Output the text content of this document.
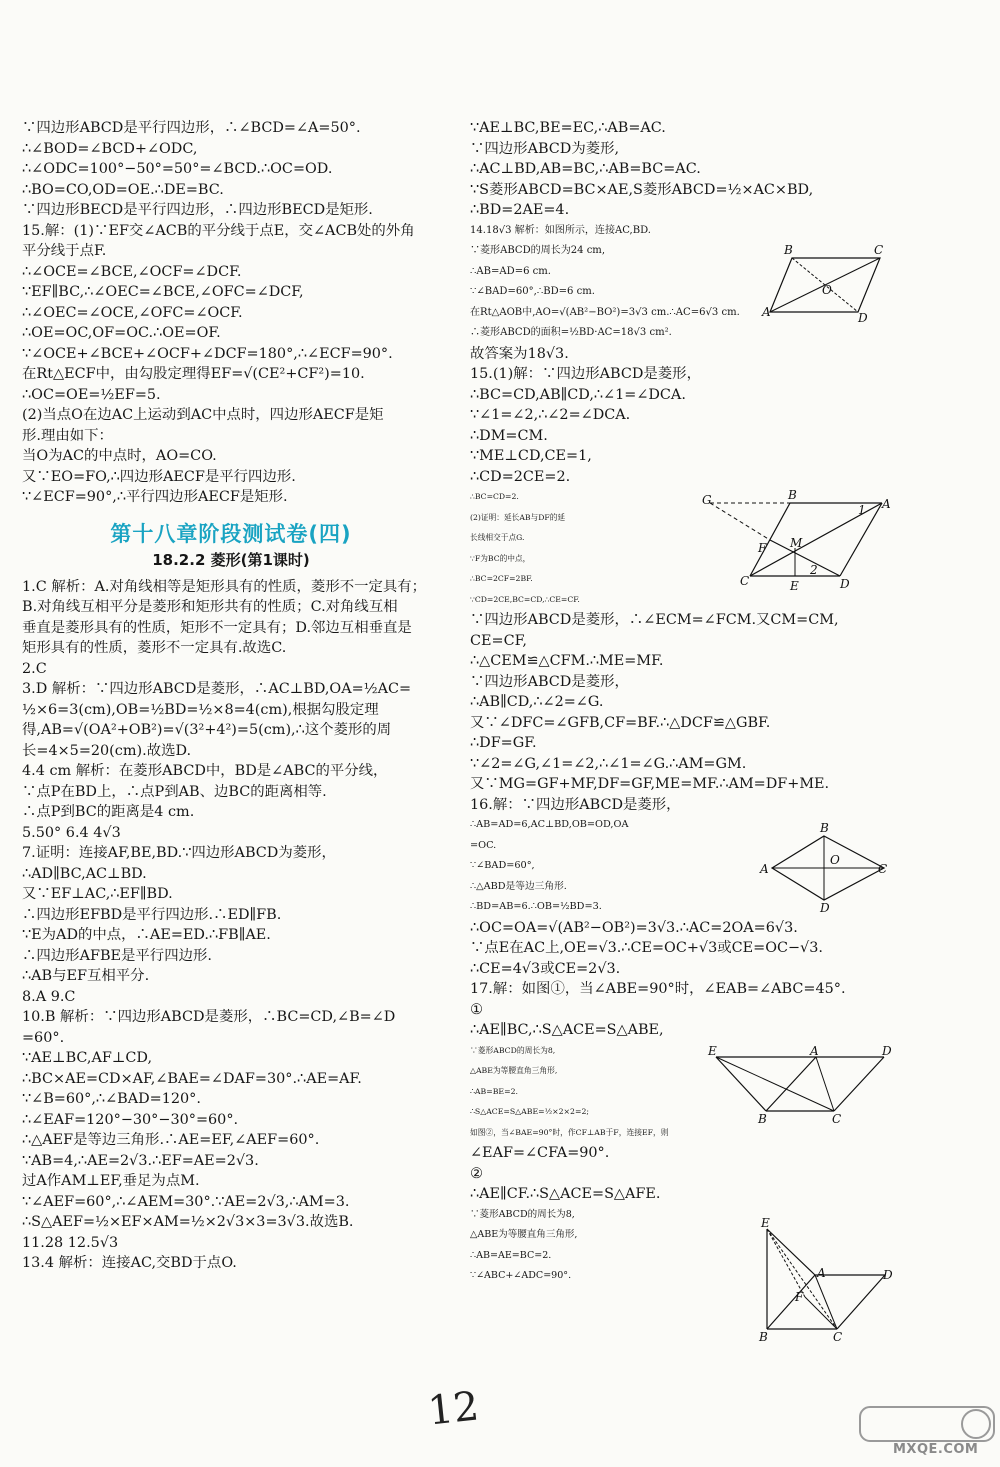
∵四边形ABCD是平行四边形，∴∠BCD=∠A=50°.
∴∠BOD=∠BCD+∠ODC,
∴∠ODC=100°−50°=50°=∠BCD.∴OC=OD.
∴BO=CO,OD=OE.∴DE=BC.
∵四边形BECD是平行四边形，∴四边形BECD是矩形.
15.解：(1)∵EF交∠ACB的平分线于点E，交∠ACB处的外角
平分线于点F.
∴∠OCE=∠BCE,∠OCF=∠DCF.
∵EF∥BC,∴∠OEC=∠BCE,∠OFC=∠DCF,
∴∠OEC=∠OCE,∠OFC=∠OCF.
∴OE=OC,OF=OC.∴OE=OF.
∵∠OCE+∠BCE+∠OCF+∠DCF=180°,∴∠ECF=90°.
在Rt△ECF中，由勾股定理得EF=√(CE²+CF²)=10.
∴OC=OE=½EF=5.
(2)当点O在边AC上运动到AC中点时，四边形AECF是矩
形.理由如下：
当O为AC的中点时，AO=CO.
又∵EO=FO,∴四边形AECF是平行四边形.
∵∠ECF=90°,∴平行四边形AECF是矩形.
第十八章阶段测试卷(四)
18.2.2 菱形(第1课时)
1.C 解析：A.对角线相等是矩形具有的性质，菱形不一定具有；
B.对角线互相平分是菱形和矩形共有的性质；C.对角线互相
垂直是菱形具有的性质，矩形不一定具有；D.邻边互相垂直是
矩形具有的性质，菱形不一定具有.故选C.
2.C
3.D 解析：∵四边形ABCD是菱形，∴AC⊥BD,OA=½AC=
½×6=3(cm),OB=½BD=½×8=4(cm),根据勾股定理
得,AB=√(OA²+OB²)=√(3²+4²)=5(cm),∴这个菱形的周
长=4×5=20(cm).故选D.
4.4 cm 解析：在菱形ABCD中，BD是∠ABC的平分线，
∵点P在BD上，∴点P到AB、边BC的距离相等.
∴点P到BC的距离是4 cm.
5.50° 6.4 4√3
7.证明：连接AF,BE,BD.∵四边形ABCD为菱形，
∴AD∥BC,AC⊥BD.
又∵EF⊥AC,∴EF∥BD.
∴四边形EFBD是平行四边形.∴ED∥FB.
∵E为AD的中点，∴AE=ED.∴FB∥AE.
∴四边形AFBE是平行四边形.
∴AB与EF互相平分.
8.A 9.C
10.B 解析：∵四边形ABCD是菱形，∴BC=CD,∠B=∠D
=60°.
∵AE⊥BC,AF⊥CD,
∴BC×AE=CD×AF,∠BAE=∠DAF=30°.∴AE=AF.
∵∠B=60°,∴∠BAD=120°.
∴∠EAF=120°−30°−30°=60°.
∴△AEF是等边三角形.∴AE=EF,∠AEF=60°.
∵AB=4,∴AE=2√3.∴EF=AE=2√3.
过A作AM⊥EF,垂足为点M.
∵∠AEF=60°,∴∠AEM=30°.∵AE=2√3,∴AM=3.
∴S△AEF=½×EF×AM=½×2√3×3=3√3.故选B.
11.28 12.5√3
13.4 解析：连接AC,交BD于点O.
∵AE⊥BC,BE=EC,∴AB=AC.
∵四边形ABCD为菱形,
∴AC⊥BD,AB=BC,∴AB=BC=AC.
∵S菱形ABCD=BC×AE,S菱形ABCD=½×AC×BD,
∴BD=2AE=4.
14.18√3 解析：如图所示，连接AC,BD.
∵菱形ABCD的周长为24 cm,
∴AB=AD=6 cm.
∵∠BAD=60°,∴BD=6 cm.
在Rt△AOB中,AO=√(AB²−BO²)=3√3 cm.∴AC=6√3 cm.
∴菱形ABCD的面积=½BD·AC=18√3 cm².
故答案为18√3.
15.(1)解：∵四边形ABCD是菱形，
∴BC=CD,AB∥CD,∴∠1=∠DCA.
∵∠1=∠2,∴∠2=∠DCA.
∴DM=CM.
∵ME⊥CD,CE=1,
∴CD=2CE=2.
∴BC=CD=2.
(2)证明：延长AB与DF的延
长线相交于点G.
∵F为BC的中点，
∴BC=2CF=2BF.
∵CD=2CE,BC=CD,∴CE=CF.
∵四边形ABCD是菱形，∴∠ECM=∠FCM.又CM=CM,
CE=CF,
∴△CEM≌△CFM.∴ME=MF.
∵四边形ABCD是菱形，
∴AB∥CD,∴∠2=∠G.
又∵∠DFC=∠GFB,CF=BF.∴△DCF≌△GBF.
∴DF=GF.
∵∠2=∠G,∠1=∠2,∴∠1=∠G.∴AM=GM.
又∵MG=GF+MF,DF=GF,ME=MF.∴AM=DF+ME.
16.解：∵四边形ABCD是菱形，
∴AB=AD=6,AC⊥BD,OB=OD,OA
=OC.
∵∠BAD=60°,
∴△ABD是等边三角形.
∴BD=AB=6.∴OB=½BD=3.
∴OC=OA=√(AB²−OB²)=3√3.∴AC=2OA=6√3.
∵点E在AC上,OE=√3.∴CE=OC+√3或CE=OC−√3.
∴CE=4√3或CE=2√3.
17.解：如图①，当∠ABE=90°时，∠EAB=∠ABC=45°.
①
∴AE∥BC,∴S△ACE=S△ABE,
∵菱形ABCD的周长为8,
△ABE为等腰直角三角形,
∴AB=BE=2.
∴S△ACE=S△ABE=½×2×2=2;
如图②，当∠BAE=90°时，作CF⊥AB于F，连接EF，则
∠EAF=∠CFA=90°.
②
∴AE∥CF.∴S△ACE=S△AFE.
∵菱形ABCD的周长为8,
△ABE为等腰直角三角形,
∴AB=AE=BC=2.
∵∠ABC+∠ADC=90°.
B	C
A	D
O
G	B
1 A
F M
C	E
2
D
B
A
O
C
D
E	A	D
B	C
E
A	D
F
B	C
12
MXQE.COM
